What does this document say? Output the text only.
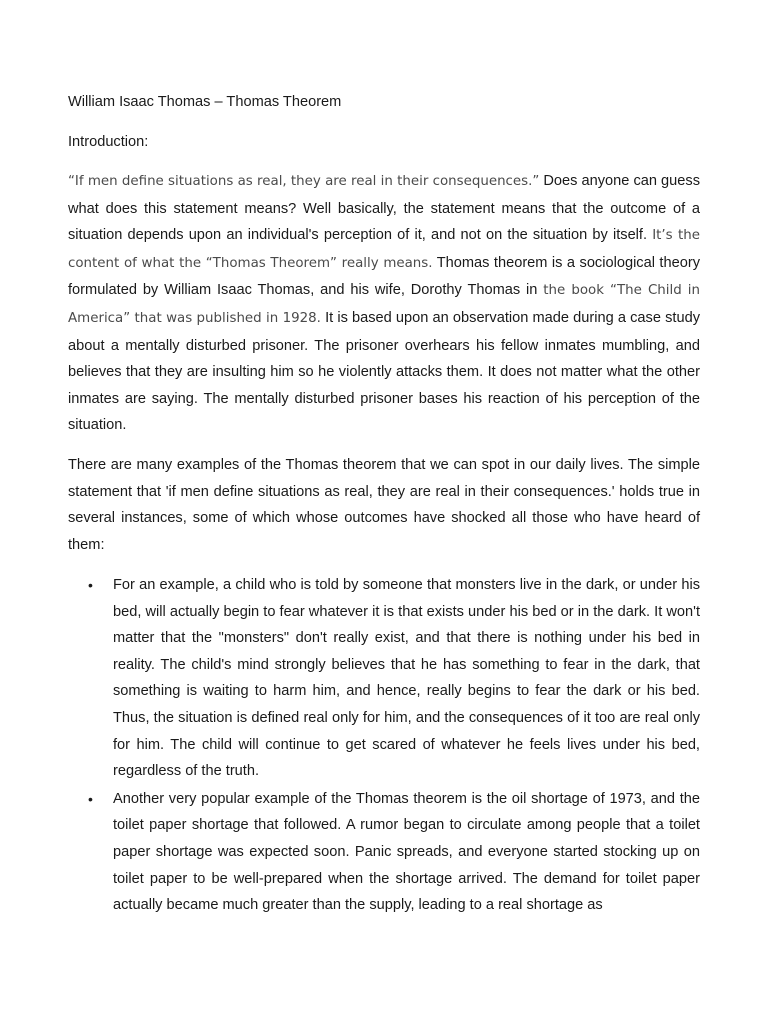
William Isaac Thomas – Thomas Theorem

Introduction:

“If men define situations as real, they are real in their consequences.” Does anyone can guess what does this statement means? Well basically, the statement means that the outcome of a situation depends upon an individual's perception of it, and not on the situation by itself. It’s the content of what the “Thomas Theorem” really means. Thomas theorem is a sociological theory formulated by William Isaac Thomas, and his wife, Dorothy Thomas in the book “The Child in America” that was published in 1928. It is based upon an observation made during a case study about a mentally disturbed prisoner. The prisoner overhears his fellow inmates mumbling, and believes that they are insulting him so he violently attacks them. It does not matter what the other inmates are saying. The mentally disturbed prisoner bases his reaction of his perception of the situation.

There are many examples of the Thomas theorem that we can spot in our daily lives. The simple statement that 'if men define situations as real, they are real in their consequences.' holds true in several instances, some of which whose outcomes have shocked all those who have heard of them:

•	For an example, a child who is told by someone that monsters live in the dark, or under his bed, will actually begin to fear whatever it is that exists under his bed or in the dark. It won't matter that the "monsters" don't really exist, and that there is nothing under his bed in reality. The child's mind strongly believes that he has something to fear in the dark, that something is waiting to harm him, and hence, really begins to fear the dark or his bed. Thus, the situation is defined real only for him, and the consequences of it too are real only for him. The child will continue to get scared of whatever he feels lives under his bed, regardless of the truth.
•	Another very popular example of the Thomas theorem is the oil shortage of 1973, and the toilet paper shortage that followed. A rumor began to circulate among people that a toilet paper shortage was expected soon. Panic spreads, and everyone started stocking up on toilet paper to be well-prepared when the shortage arrived. The demand for toilet paper actually became much greater than the supply, leading to a real shortage as
